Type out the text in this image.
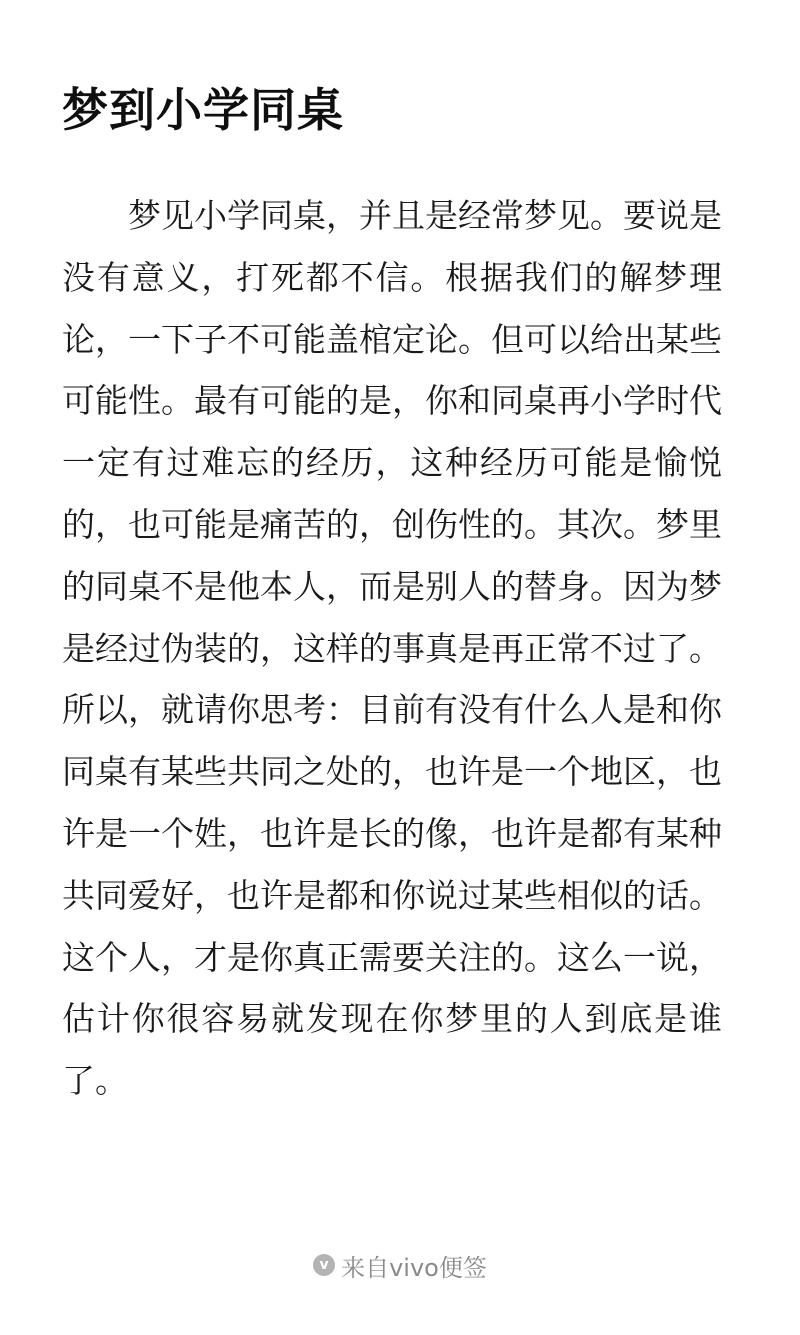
梦到小学同桌

梦见小学同桌，并且是经常梦见。要说是没有意义，打死都不信。根据我们的解梦理论，一下子不可能盖棺定论。但可以给出某些可能性。最有可能的是，你和同桌再小学时代一定有过难忘的经历，这种经历可能是愉悦的，也可能是痛苦的，创伤性的。其次。梦里的同桌不是他本人，而是别人的替身。因为梦是经过伪装的，这样的事真是再正常不过了。所以，就请你思考：目前有没有什么人是和你同桌有某些共同之处的，也许是一个地区，也许是一个姓，也许是长的像，也许是都有某种共同爱好，也许是都和你说过某些相似的话。这个人，才是你真正需要关注的。这么一说，估计你很容易就发现在你梦里的人到底是谁了。

v 来自vivo便签
